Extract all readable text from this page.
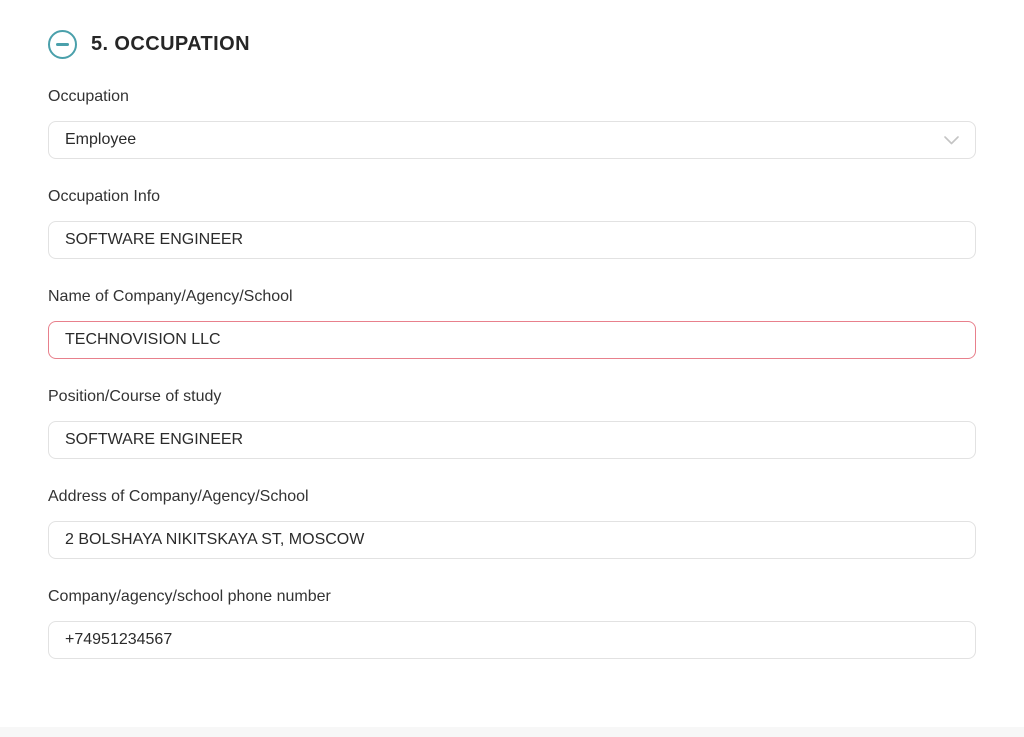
5. OCCUPATION
Occupation
Employee
Occupation Info
SOFTWARE ENGINEER
Name of Company/Agency/School
TECHNOVISION LLC
Position/Course of study
SOFTWARE ENGINEER
Address of Company/Agency/School
2 BOLSHAYA NIKITSKAYA ST, MOSCOW
Company/agency/school phone number
+74951234567
